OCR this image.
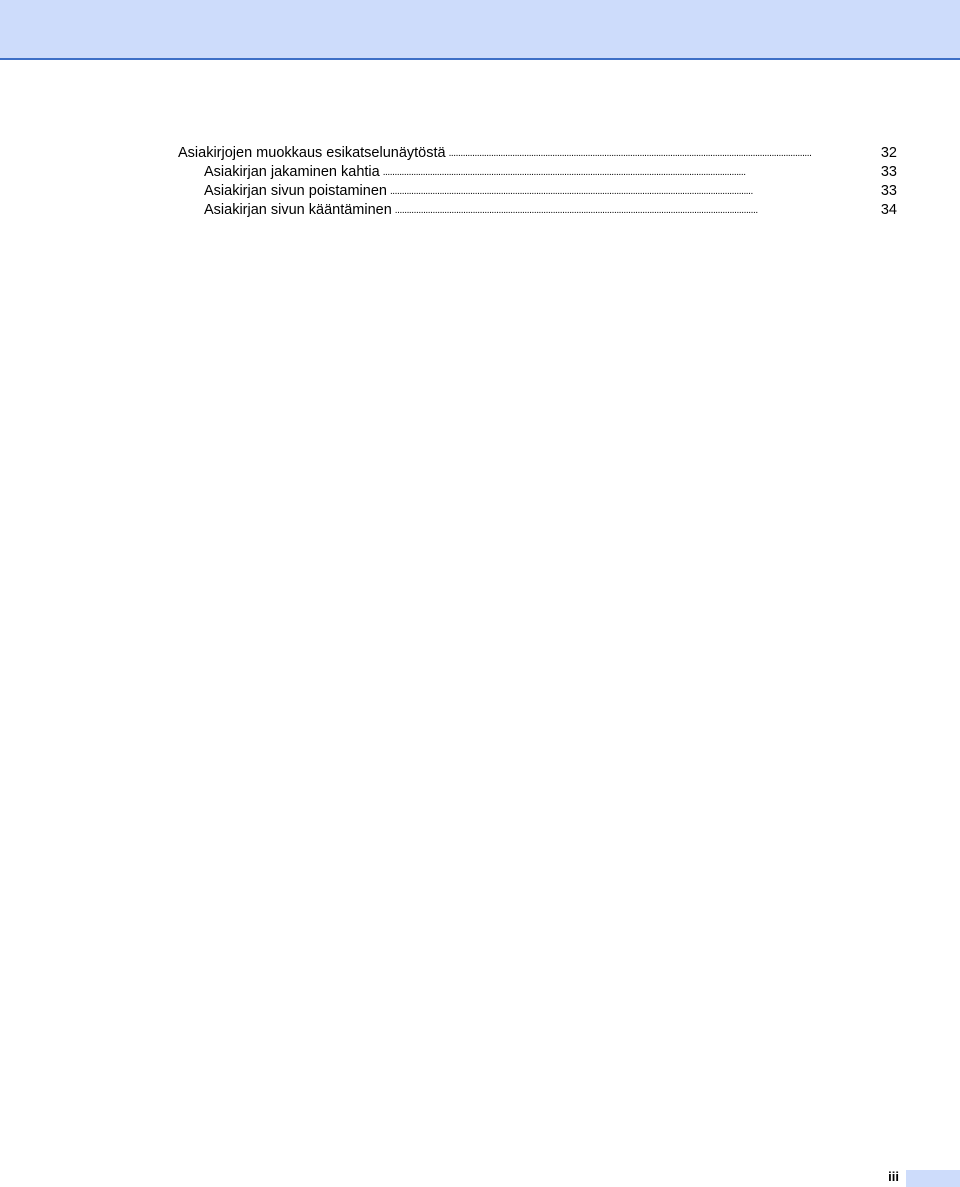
Asiakirjojen muokkaus esikatselunäytöstä . . .	32
Asiakirjan jakaminen kahtia . . .	33
Asiakirjan sivun poistaminen . . .	33
Asiakirjan sivun kääntäminen . . .	34
iii
